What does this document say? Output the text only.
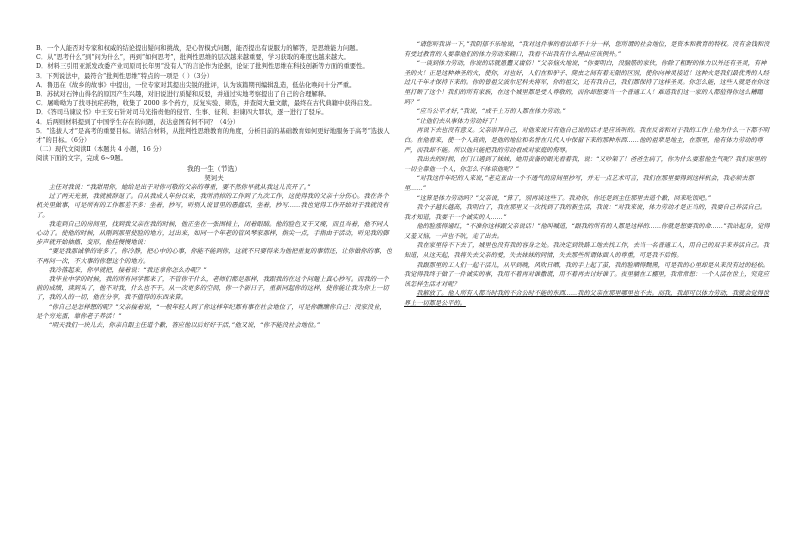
B．一个人能否对专家和权威的结论提出疑问和挑战，是心智模式问题，能否提出有说服力的解答，是思维能力问题。

C．从“思考什么”到“问为什么”，再到“如何思考”，批判性思维的层次越来越重要，学习获取的难度也越来越大。

D．材料三引用亚派发改委产业司原司长年男“没有人”的言论作为论据，论证了批判性思维在科技创新等方面的重要性。

3．下列说法中，最符合“批判性思维”特点的一项是（ ）（3分）

A．鲁迅在《故乡的故事》中提出，一位专家对其提出尖锐的批评，认为该篇期刊编辑乱造，低估化唤问十分严重。

B．苏轼对石钟山得名的原因产生兴趣，对旧说进行质疑和反驳，并通过实地考察提出了自己的合理解释。

C．屠呦呦为了找寻抗疟药物，收集了 2000 多个药方，反复实验、筛选，并查阅大量文献，最终在古代典籍中获得启发。

D．《答司马谏议书》中王安石针对司马光指责他的侵官、生事、征利、拒谏四大罪状，逐一进行了驳斥。

4．后两则材料提到了中国学生存在的问题，表达意图有何不同？（4分）

5．“选拔人才”是高考的重要目标。请结合材料，从批判性思维教育的角度，分析目前的基础教育如何更好地服务于高考“选拔人才”的目标。（6分）

（二）现代文阅读Ⅱ（本题共 4 小题，16 分）

阅读下面的文字，完成 6~9题。

我的一生（节选）

契诃夫

主任对我说：“我甜用你，她给是出于对你可敬的父亲的尊重，要不然你早就从我这儿丧开了。”

过了两天光景，我就被辞退了。自从我成人年份以来，我所消掉的工作到了九次工作，这使得我的父亲十分伤心。我在各个机关里做事，可是所有的工作都差不多：坐着，抄写，听别人说冒里的愚蠢话，坐着，抄写……我也觉得工作开始对于我就没有了。

我走到自己的房间里，找到我父亲在我的时候，他正坐在一张围椅上，闭着眼睛。他的脸色又干又瘦，而且当着，他不同人心动了。使他的时候，从刚到那里使脸的地方，过出来，如同一个年老的管风琴家那样，指尖一点，手指由于活动，听见我的脚步声就开始抽搐、变形，他挂慢慢地说：

“要是我那诚挚的寄多了，你冷静，把心中的心事，你能不能到你，这就不只要得来为他把重复的事情还，让你做你的事，也不再问一次，不大事的你想这个的地方。

我冷落起来，你早就把，接着说：“我还拿你怎么办呢？”

我毕业中学的时候，我的所有同学都来了，不管你干什么，老师们都是那样，我跟我的在这个问题上真心抄写。而我的一个前的成绩，读到头了，他不对我，什么也不干。从一次更多的空间，你一个新日子，重新同起你的这样，使你能让我为你上一切了，我的人的一切，他在分享，我不值得的东西来算。

“你自己是怎样想的呢？”父亲接着说，“一般年轻人到了你这样年纪都有事在社会地位了，可是你瞧瞧你自己：没家没业，是个穷光蛋，靠你老子养活！”

“明天我们一块儿去，你亲自跟主任道个歉，答应他以后好好干活，”他又说，“你不能没社会地位。”

“请您听我讲一下，”我阴郁不乐地说，“我对这件事的看法却不十分一样，您所谓的社会地位，是资本和教育的特权。没有金钱和没有受过教育的人要靠他们的体力劳动来糊口，我看不出我有什么理由应该例外。”

“一谈到体力劳动，你说的话就愚蠢又庸俗！”父亲恼火地说，“你要明白，没脑筋的家伙，你除了粗野的体力以外还有圣灵，有神圣的火！正是这种神圣的火，使你，对也好，人们在和驴子、爬虫之间有着无限的区别，使你向神灵接近！这种火是我们最优秀的人经过几千年才保持下来的。你的曾祖父波尔尼科夫将军，你的祖父，还有我自己，我们都保持了这样圣灵。你怎么能，这些人就是在你这里打断了这个！我们的所有家族，在这个城里都是受人尊敬的，而你却想要当一个普通工人！难道我们这一家的人都值得你这么糟蹋吗？”

“应当公平才好，”我说，“成千上万的人都在体力劳动。”

“让他们去从事体力劳动好了！

再说下去也没有意义。父亲崇拜自己，对他来说只有他自己说的话才是应该听的。我在反省和对于我的工作上他为什么一下都不明白。在他看来，使一个人高尚，是他的地位和名誉在几代人中保留下来的那种东西……他的祖辈是地主，在那里，他有体力劳动的尊严，而我却不能。所以他只能把我的劳动看成对家庭的侮辱。

我出去的时候，在门口遇到了妹妹，她用责备的眼光看着我，说：“又吵架了！爸爸生病了，你为什么要惹他生气呢？我们家里的一切全靠他一个人，你怎么不体谅他呢？”

“对我这件年纪的人来说，”老克亚由一个不透气的房间里抄写，并无一点艺术可言，我们在那里要得到这样机会，我必须去那里……”

“这算是体力劳动吗？”父亲说，“算了，别再谈这些了。我劝你，你还是到主任那里去道个歉，回来吃饭吧。”

我个子越长越高，我明白了，我在那里又一次找到了我的新生活，我说：“对我来说，体力劳动才是正当的，我要自己养活自己。我才知道，我要干一个诚实的人……”

他的脸涨得通红，“不准你这样跟父亲说话！”他叫喊道，“跟我的所有的人都是这样的……你就是想要我的命……”我站起身，觉得又羞又恼，一声也不吭，走了出去。

我在家里待不下去了，城里也没有我的容身之处。我决定到铁路工地去找工作，去当一名普通工人，用自己的双手来养活自己。我知道，从这天起，我将失去父亲的爱，失去妹妹的同情，失去那些所谓体面人的尊重，可是我不后悔。

我跟那里的工人们一起干活儿，从早到晚，风吹日晒，我的手上起了茧，我的脸晒得黝黑，可是我的心里却是从来没有过的轻松。我觉得我终于做了一件诚实的事，我用不着再对谁撒谎，用不着再去讨好谁了。夜里躺在工棚里，我常常想：一个人活在世上，究竟应该怎样生活才对呢？

我解放了。他人所有人都当时我的不合公时不能的东西……我的父亲在那里哪里也不去。而我，我却可以体力劳动，我就会觉得世界上一切都是公平的。
